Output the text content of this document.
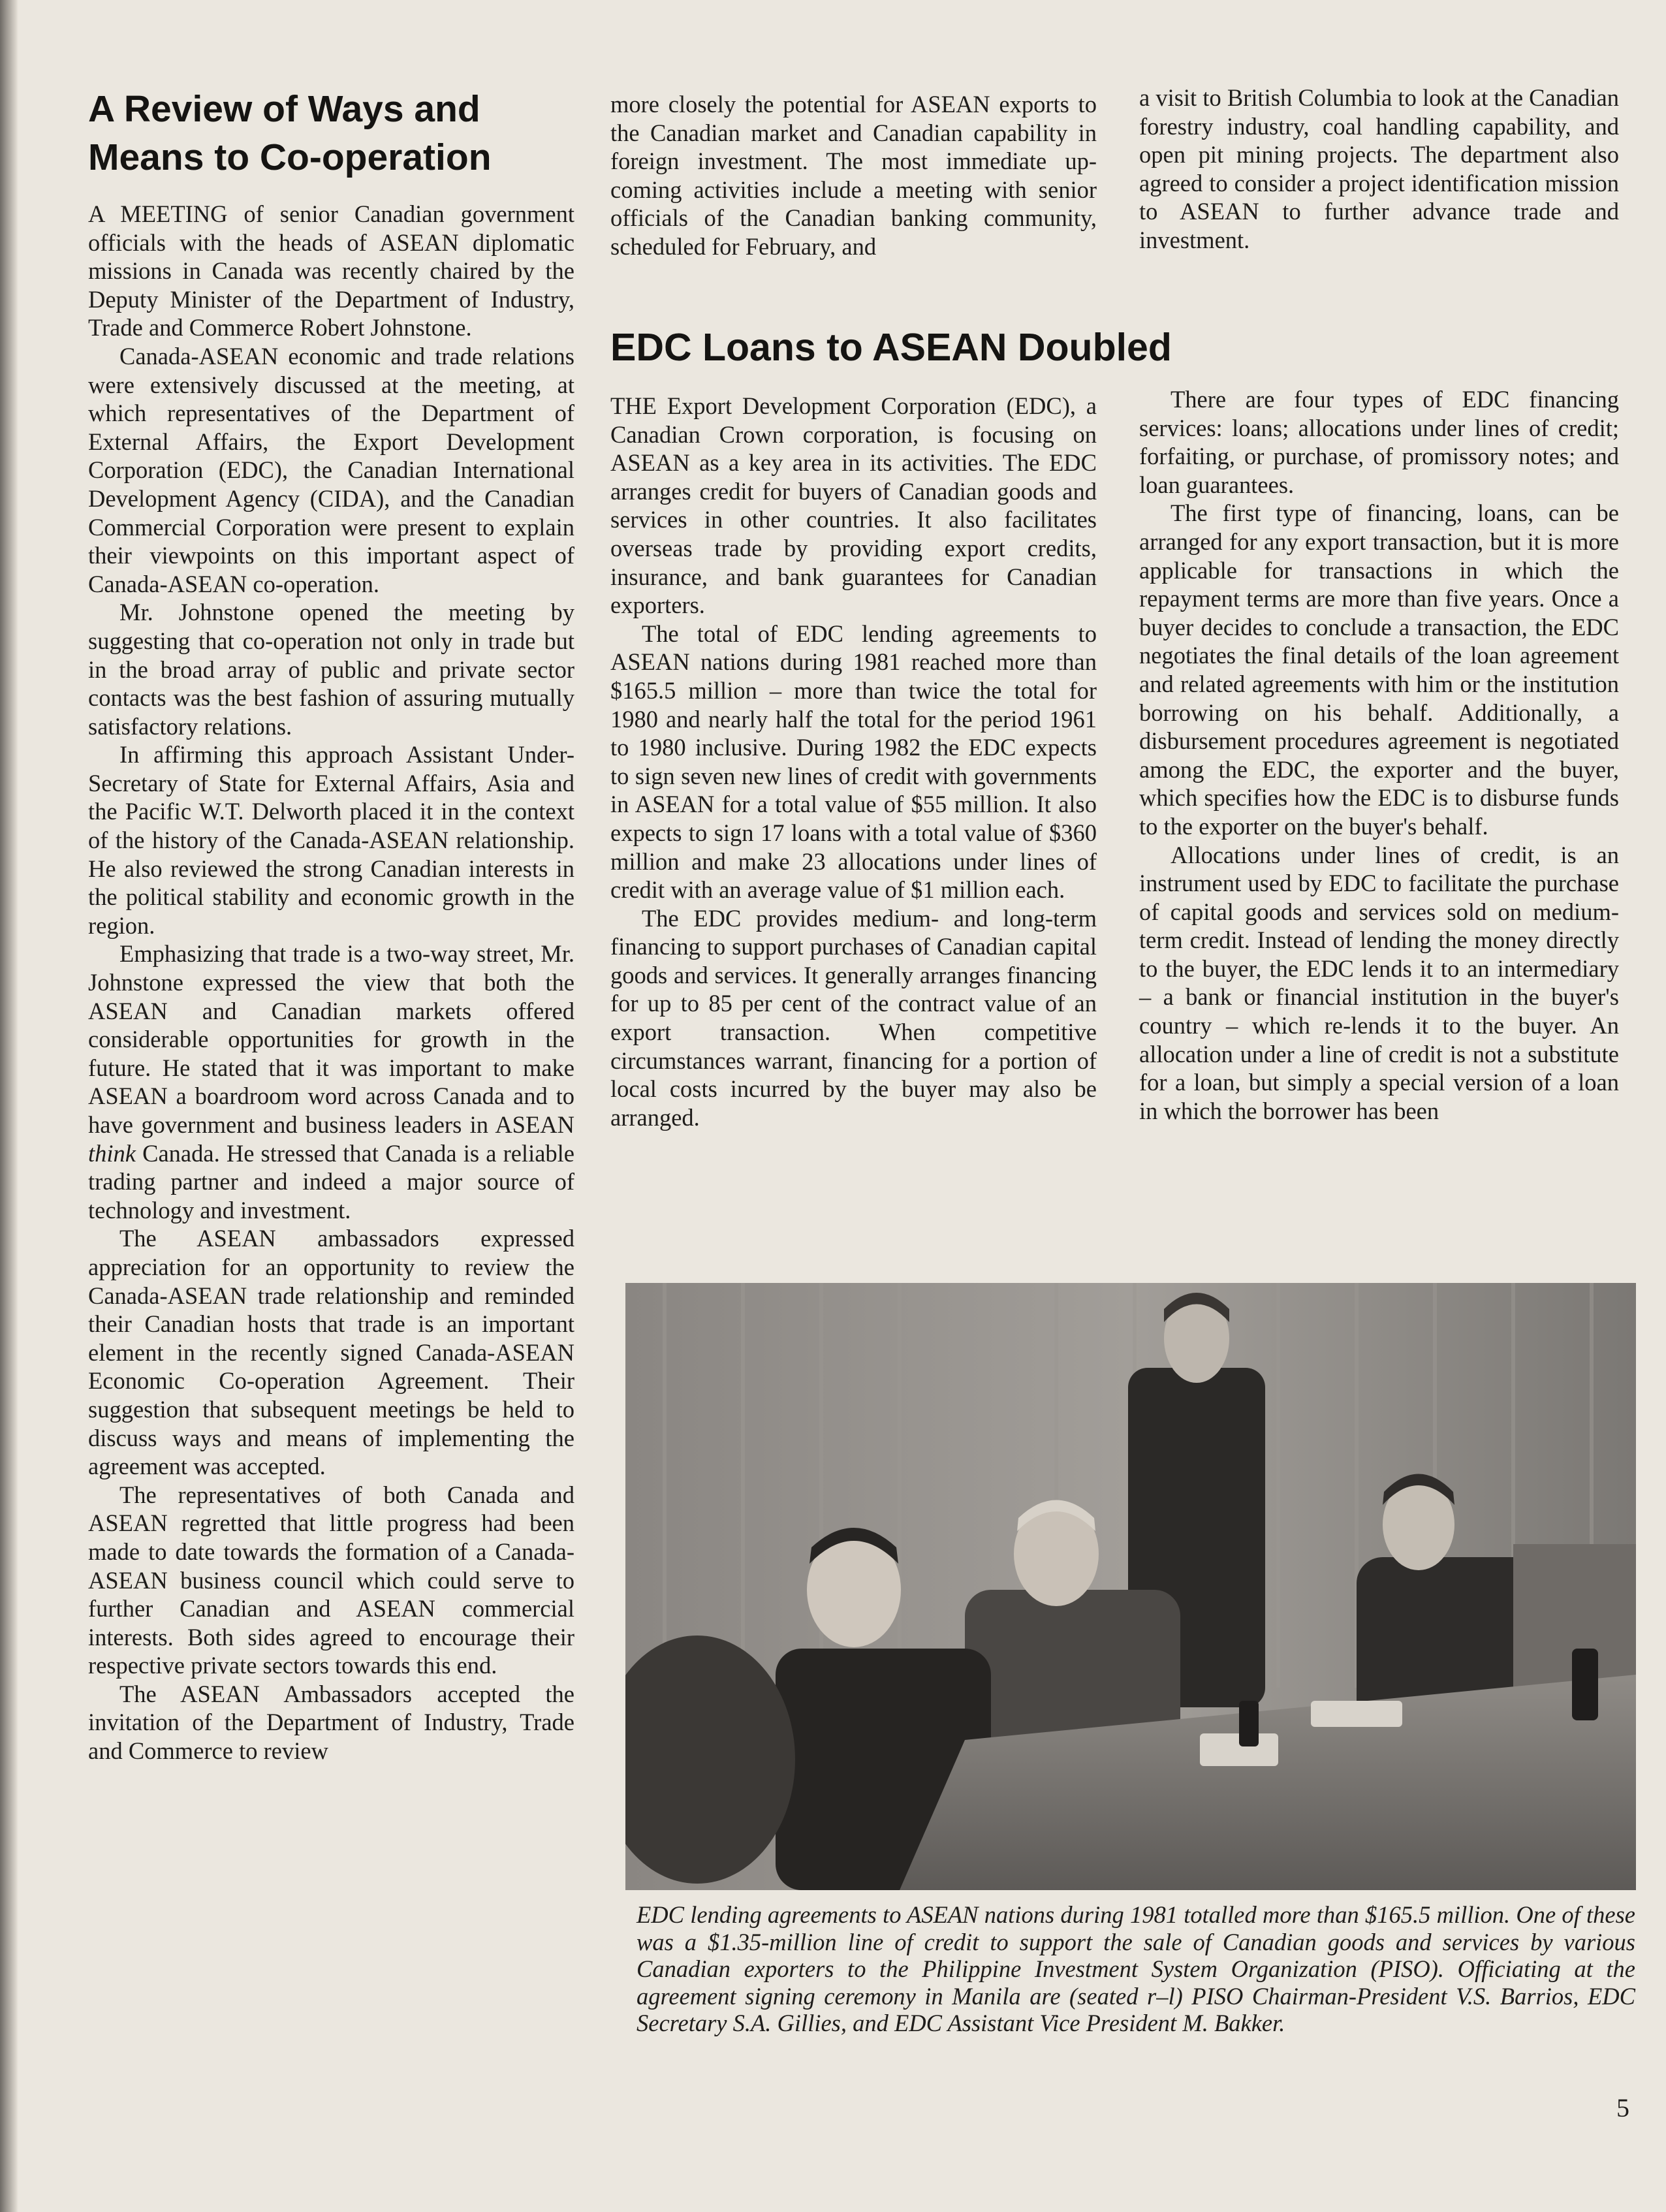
A Review of Ways and Means to Co-operation

A MEETING of senior Canadian government officials with the heads of ASEAN diplomatic missions in Canada was recently chaired by the Deputy Minister of the Department of Industry, Trade and Commerce Robert Johnstone.

Canada-ASEAN economic and trade relations were extensively discussed at the meeting, at which representatives of the Department of External Affairs, the Export Development Corporation (EDC), the Canadian International Development Agency (CIDA), and the Canadian Commercial Corporation were present to explain their viewpoints on this important aspect of Canada-ASEAN co-operation.

Mr. Johnstone opened the meeting by suggesting that co-operation not only in trade but in the broad array of public and private sector contacts was the best fashion of assuring mutually satisfactory relations.

In affirming this approach Assistant Under-Secretary of State for External Affairs, Asia and the Pacific W.T. Delworth placed it in the context of the history of the Canada-ASEAN relationship. He also reviewed the strong Canadian interests in the political stability and economic growth in the region.

Emphasizing that trade is a two-way street, Mr. Johnstone expressed the view that both the ASEAN and Canadian markets offered considerable opportunities for growth in the future. He stated that it was important to make ASEAN a boardroom word across Canada and to have government and business leaders in ASEAN think Canada. He stressed that Canada is a reliable trading partner and indeed a major source of technology and investment.

The ASEAN ambassadors expressed appreciation for an opportunity to review the Canada-ASEAN trade relationship and reminded their Canadian hosts that trade is an important element in the recently signed Canada-ASEAN Economic Co-operation Agreement. Their suggestion that subsequent meetings be held to discuss ways and means of implementing the agreement was accepted.

The representatives of both Canada and ASEAN regretted that little progress had been made to date towards the formation of a Canada-ASEAN business council which could serve to further Canadian and ASEAN commercial interests. Both sides agreed to encourage their respective private sectors towards this end.

The ASEAN Ambassadors accepted the invitation of the Department of Industry, Trade and Commerce to review

more closely the potential for ASEAN exports to the Canadian market and Canadian capability in foreign investment. The most immediate up-coming activities include a meeting with senior officials of the Canadian banking community, scheduled for February, and

a visit to British Columbia to look at the Canadian forestry industry, coal handling capability, and open pit mining projects. The department also agreed to consider a project identification mission to ASEAN to further advance trade and investment.

EDC Loans to ASEAN Doubled

THE Export Development Corporation (EDC), a Canadian Crown corporation, is focusing on ASEAN as a key area in its activities. The EDC arranges credit for buyers of Canadian goods and services in other countries. It also facilitates overseas trade by providing export credits, insurance, and bank guarantees for Canadian exporters.

The total of EDC lending agreements to ASEAN nations during 1981 reached more than $165.5 million – more than twice the total for 1980 and nearly half the total for the period 1961 to 1980 inclusive. During 1982 the EDC expects to sign seven new lines of credit with governments in ASEAN for a total value of $55 million. It also expects to sign 17 loans with a total value of $360 million and make 23 allocations under lines of credit with an average value of $1 million each.

The EDC provides medium- and long-term financing to support purchases of Canadian capital goods and services. It generally arranges financing for up to 85 per cent of the contract value of an export transaction. When competitive circumstances warrant, financing for a portion of local costs incurred by the buyer may also be arranged.

There are four types of EDC financing services: loans; allocations under lines of credit; forfaiting, or purchase, of promissory notes; and loan guarantees.

The first type of financing, loans, can be arranged for any export transaction, but it is more applicable for transactions in which the repayment terms are more than five years. Once a buyer decides to conclude a transaction, the EDC negotiates the final details of the loan agreement and related agreements with him or the institution borrowing on his behalf. Additionally, a disbursement procedures agreement is negotiated among the EDC, the exporter and the buyer, which specifies how the EDC is to disburse funds to the exporter on the buyer's behalf.

Allocations under lines of credit, is an instrument used by EDC to facilitate the purchase of capital goods and services sold on medium-term credit. Instead of lending the money directly to the buyer, the EDC lends it to an intermediary – a bank or financial institution in the buyer's country – which re-lends it to the buyer. An allocation under a line of credit is not a substitute for a loan, but simply a special version of a loan in which the borrower has been

EDC lending agreements to ASEAN nations during 1981 totalled more than $165.5 million. One of these was a $1.35-million line of credit to support the sale of Canadian goods and services by various Canadian exporters to the Philippine Investment System Organization (PISO). Officiating at the agreement signing ceremony in Manila are (seated r–l) PISO Chairman-President V.S. Barrios, EDC Secretary S.A. Gillies, and EDC Assistant Vice President M. Bakker.

5
